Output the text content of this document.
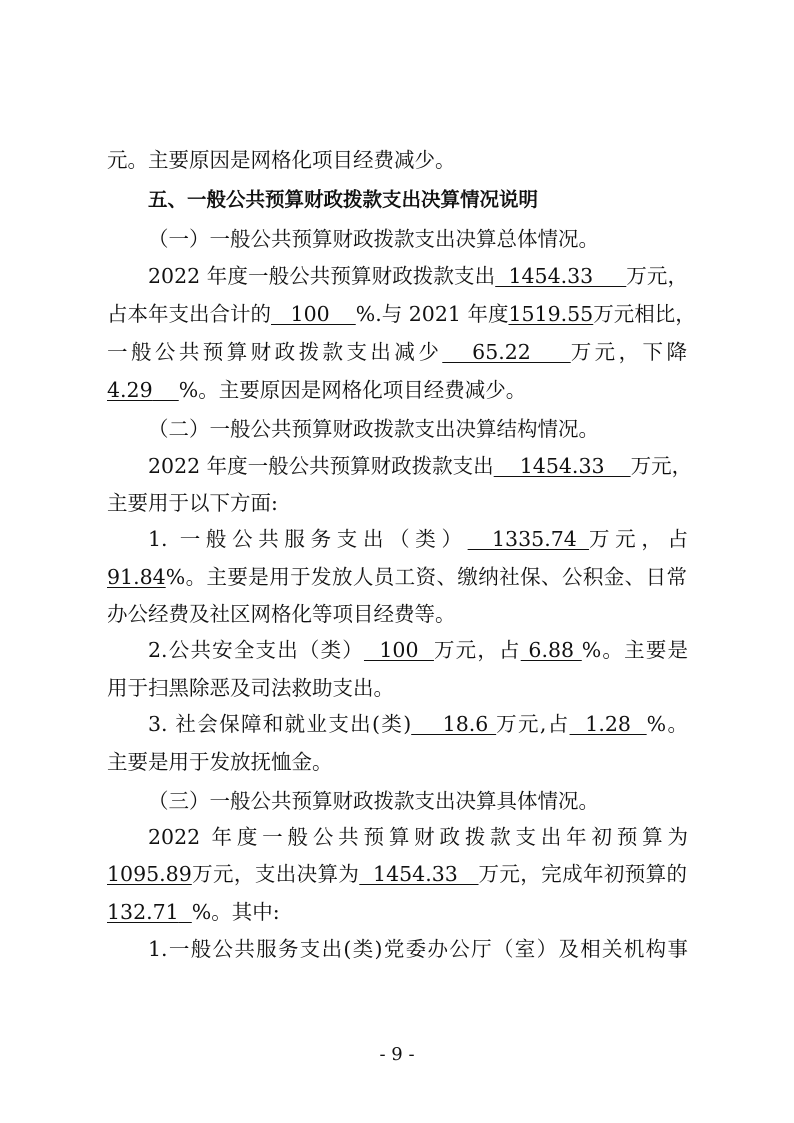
元。主要原因是网格化项目经费减少。
五、一般公共预算财政拨款支出决算情况说明
（一）一般公共预算财政拨款支出决算总体情况。
2022 年度一般公共预算财政拨款支出  1454.33     万元，
占本年支出合计的   100    %.与 2021 年度1519.55万元相比，
一般公共预算财政拨款支出减少   65.22    万元，下降
4.29 %。主要原因是网格化项目经费减少。
（二）一般公共预算财政拨款支出决算结构情况。
2022 年度一般公共预算财政拨款支出    1454.33    万元，
主要用于以下方面:
1. 一般公共服务支出（类）  1335.74 万元，占
91.84%。主要是用于发放人员工资、缴纳社保、公积金、日常
办公经费及社区网格化等项目经费等。
2.公共安全支出（类）  100  万元，占 6.88 %。主要是
用于扫黑除恶及司法救助支出。
3. 社会保障和就业支出(类)    18.6 万元,占  1.28  %。
主要是用于发放抚恤金。
（三）一般公共预算财政拨款支出决算具体情况。
2022 年度一般公共预算财政拨款支出年初预算为
1095.89万元，支出决算为  1454.33   万元，完成年初预算的
132.71 %。其中:
1.一般公共服务支出(类)党委办公厅（室）及相关机构事
- 9 -
